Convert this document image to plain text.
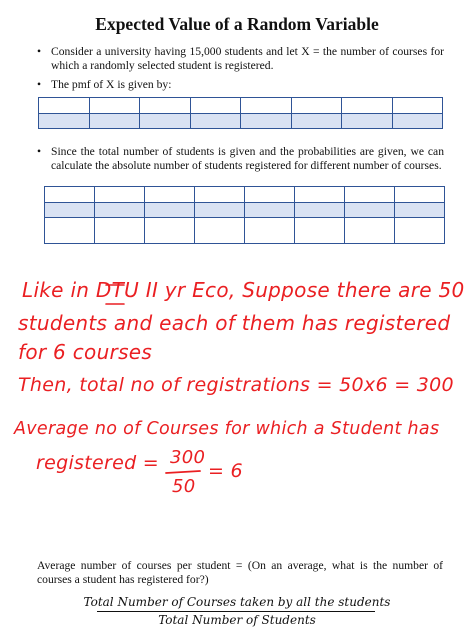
Expected Value of a Random Variable
• Consider a university having 15,000 students and let X = the number of courses for which a randomly selected student is registered.
• The pmf of X is given by:

• Since the total number of students is given and the probabilities are given, we can calculate the absolute number of students registered for different number of courses.

Like in DTU II yr Eco, Suppose there are 50
students and each of them has registered
for 6 courses
Then, total no of registrations = 50x6 = 300
Average no of Courses for which a Student has
registered = 300
50
= 6
Average number of courses per student = (On an average, what is the number of courses a student has registered for?)
Total Number of Courses taken by all the students
Total Number of Students
